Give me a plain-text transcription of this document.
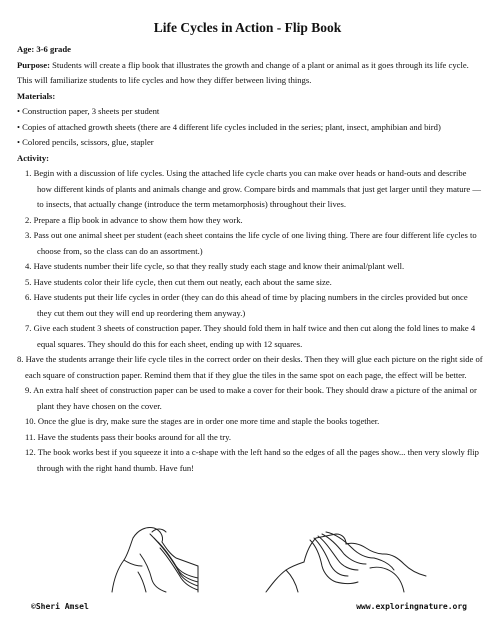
Life Cycles in Action - Flip Book

Age: 3-6 grade

Purpose: Students will create a flip book that illustrates the growth and change of a plant or animal as it goes through its life cycle. This will familiarize students to life cycles and how they differ between living things.

Materials:

• Construction paper, 3 sheets per student

• Copies of attached growth sheets (there are 4 different life cycles included in the series; plant, insect, amphibian and bird)

• Colored pencils, scissors, glue, stapler

Activity:

1. Begin with a discussion of life cycles. Using the attached life cycle charts you can make over heads or hand-outs and describe how different kinds of plants and animals change and grow. Compare birds and mammals that just get larger until they mature — to insects, that actually change (introduce the term metamorphosis) throughout their lives.
2. Prepare a flip book in advance to show them how they work.
3. Pass out one animal sheet per student (each sheet contains the life cycle of one living thing. There are four different life cycles to choose from, so the class can do an assortment.)
4. Have students number their life cycle, so that they really study each stage and know their animal/plant well.
5. Have students color their life cycle, then cut them out neatly, each about the same size.
6. Have students put their life cycles in order (they can do this ahead of time by placing numbers in the circles provided but once they cut them out they will end up reordering them anyway.)
7. Give each student 3 sheets of construction paper. They should fold them in half twice and then cut along the fold lines to make 4 equal squares. They should do this for each sheet, ending up with 12 squares.
8. Have the students arrange their life cycle tiles in the correct order on their desks. Then they will glue each picture on the right side of each square of construction paper. Remind them that if they glue the tiles in the same spot on each page, the effect will be better.
9. An extra half sheet of construction paper can be used to make a cover for their book. They should draw a picture of the animal or plant they have chosen on the cover.
10. Once the glue is dry, make sure the stages are in order one more time and staple the books together.
11. Have the students pass their books around for all the try.
12. The book works best if you squeeze it into a c-shape with the left hand so the edges of all the pages show... then very slowly flip through with the right hand thumb. Have fun!
©Sheri Amsel	www.exploringnature.org
